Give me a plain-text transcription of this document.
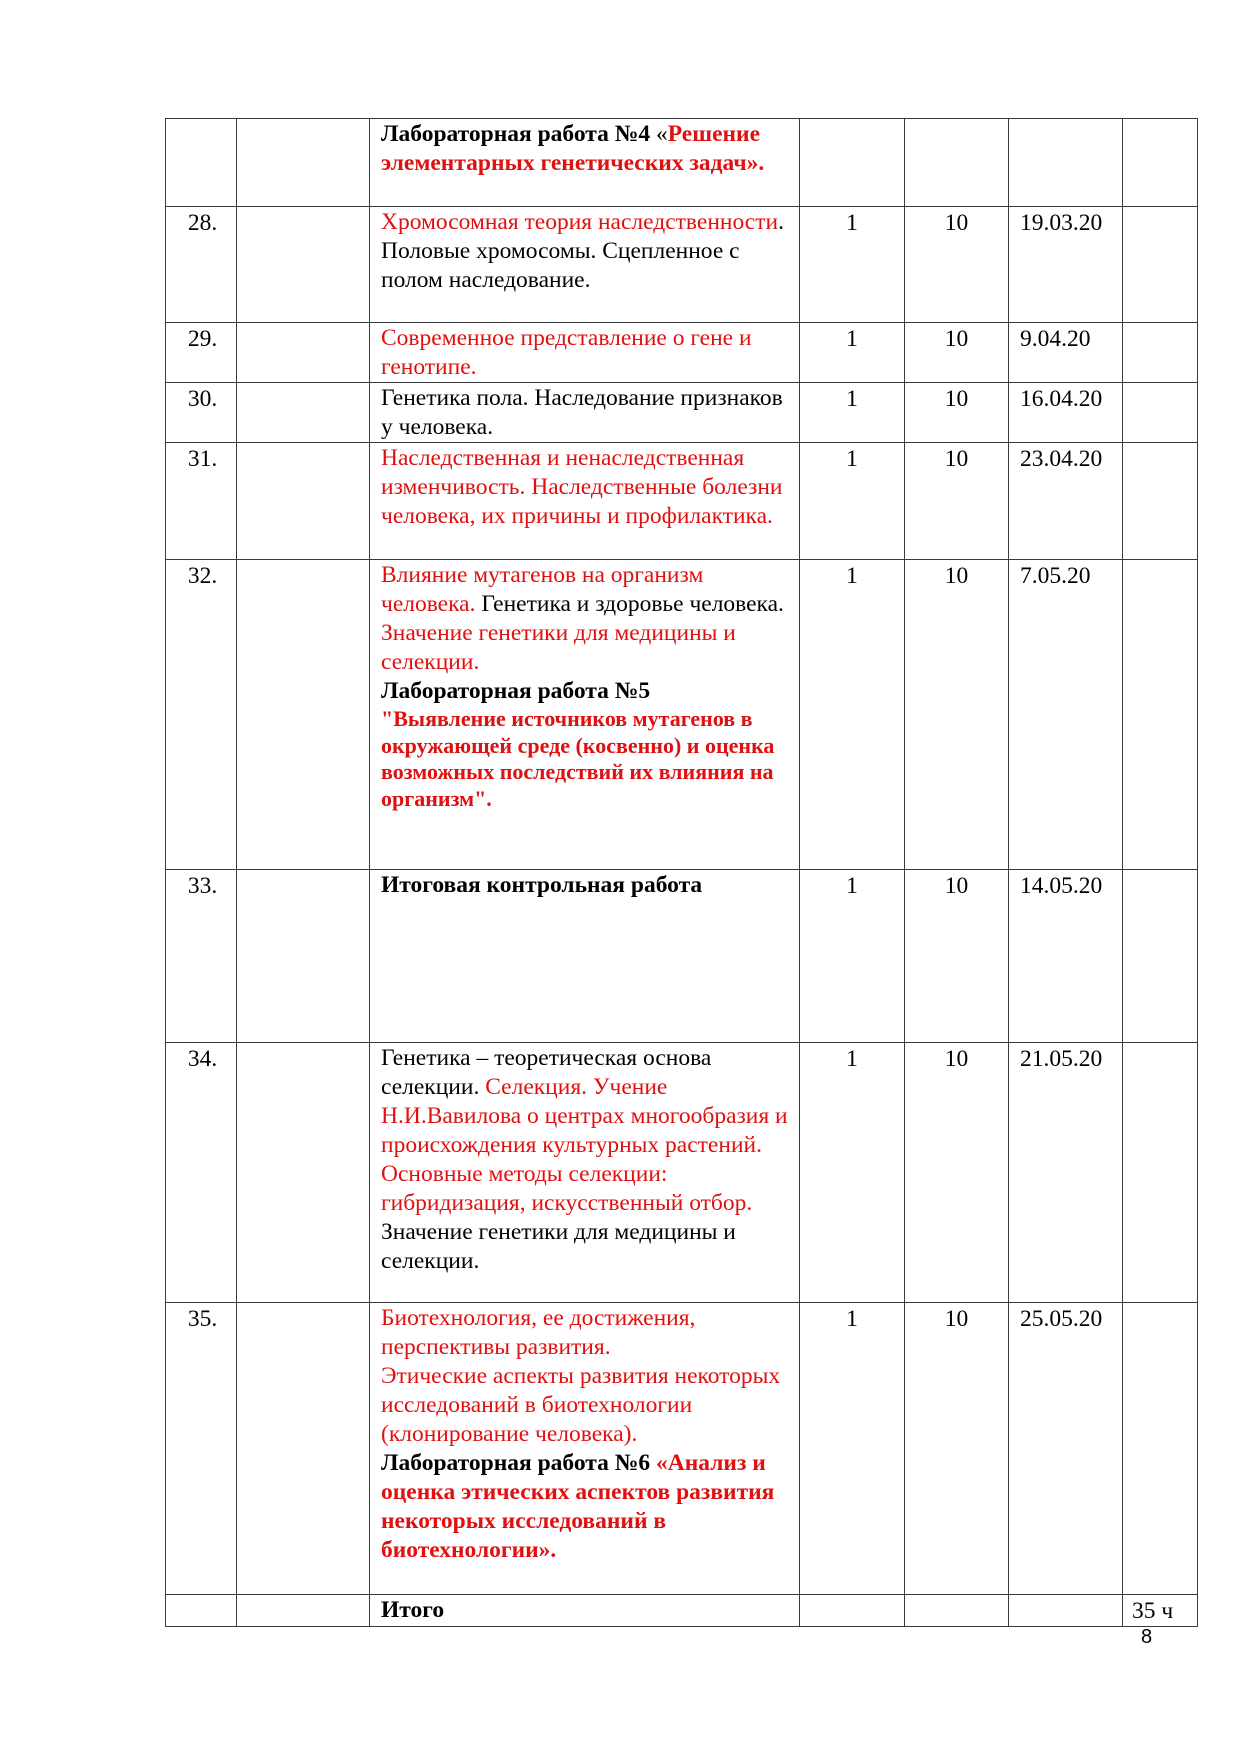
		Лабораторная работа №4 «Решение элементарных генетических задач».				
28.		Хромосомная теория наследственности. Половые хромосомы. Сцепленное с полом наследование.	1	10	19.03.20	
29.		Современное представление о гене и генотипе.	1	10	9.04.20	
30.		Генетика пола. Наследование признаков у человека.	1	10	16.04.20	
31.		Наследственная и ненаследственная изменчивость. Наследственные болезни человека, их причины и профилактика.	1	10	23.04.20	
32.		Влияние мутагенов на организм человека. Генетика и здоровье человека. Значение генетики для медицины и селекции.
Лабораторная работа №5
"Выявление источников мутагенов в окружающей среде (косвенно) и оценка возможных последствий их влияния на организм".	1	10	7.05.20	
33.		Итоговая контрольная работа	1	10	14.05.20	
34.		Генетика – теоретическая основа селекции. Селекция. Учение Н.И.Вавилова о центрах многообразия и происхождения культурных растений. Основные методы селекции: гибридизация, искусственный отбор. Значение генетики для медицины и селекции.	1	10	21.05.20	
35.		Биотехнология, ее достижения, перспективы развития.
Этические аспекты развития некоторых исследований в биотехнологии (клонирование человека).
Лабораторная работа №6 «Анализ и оценка этических аспектов развития некоторых исследований в биотехнологии».	1	10	25.05.20	
		Итого				35 ч
8
